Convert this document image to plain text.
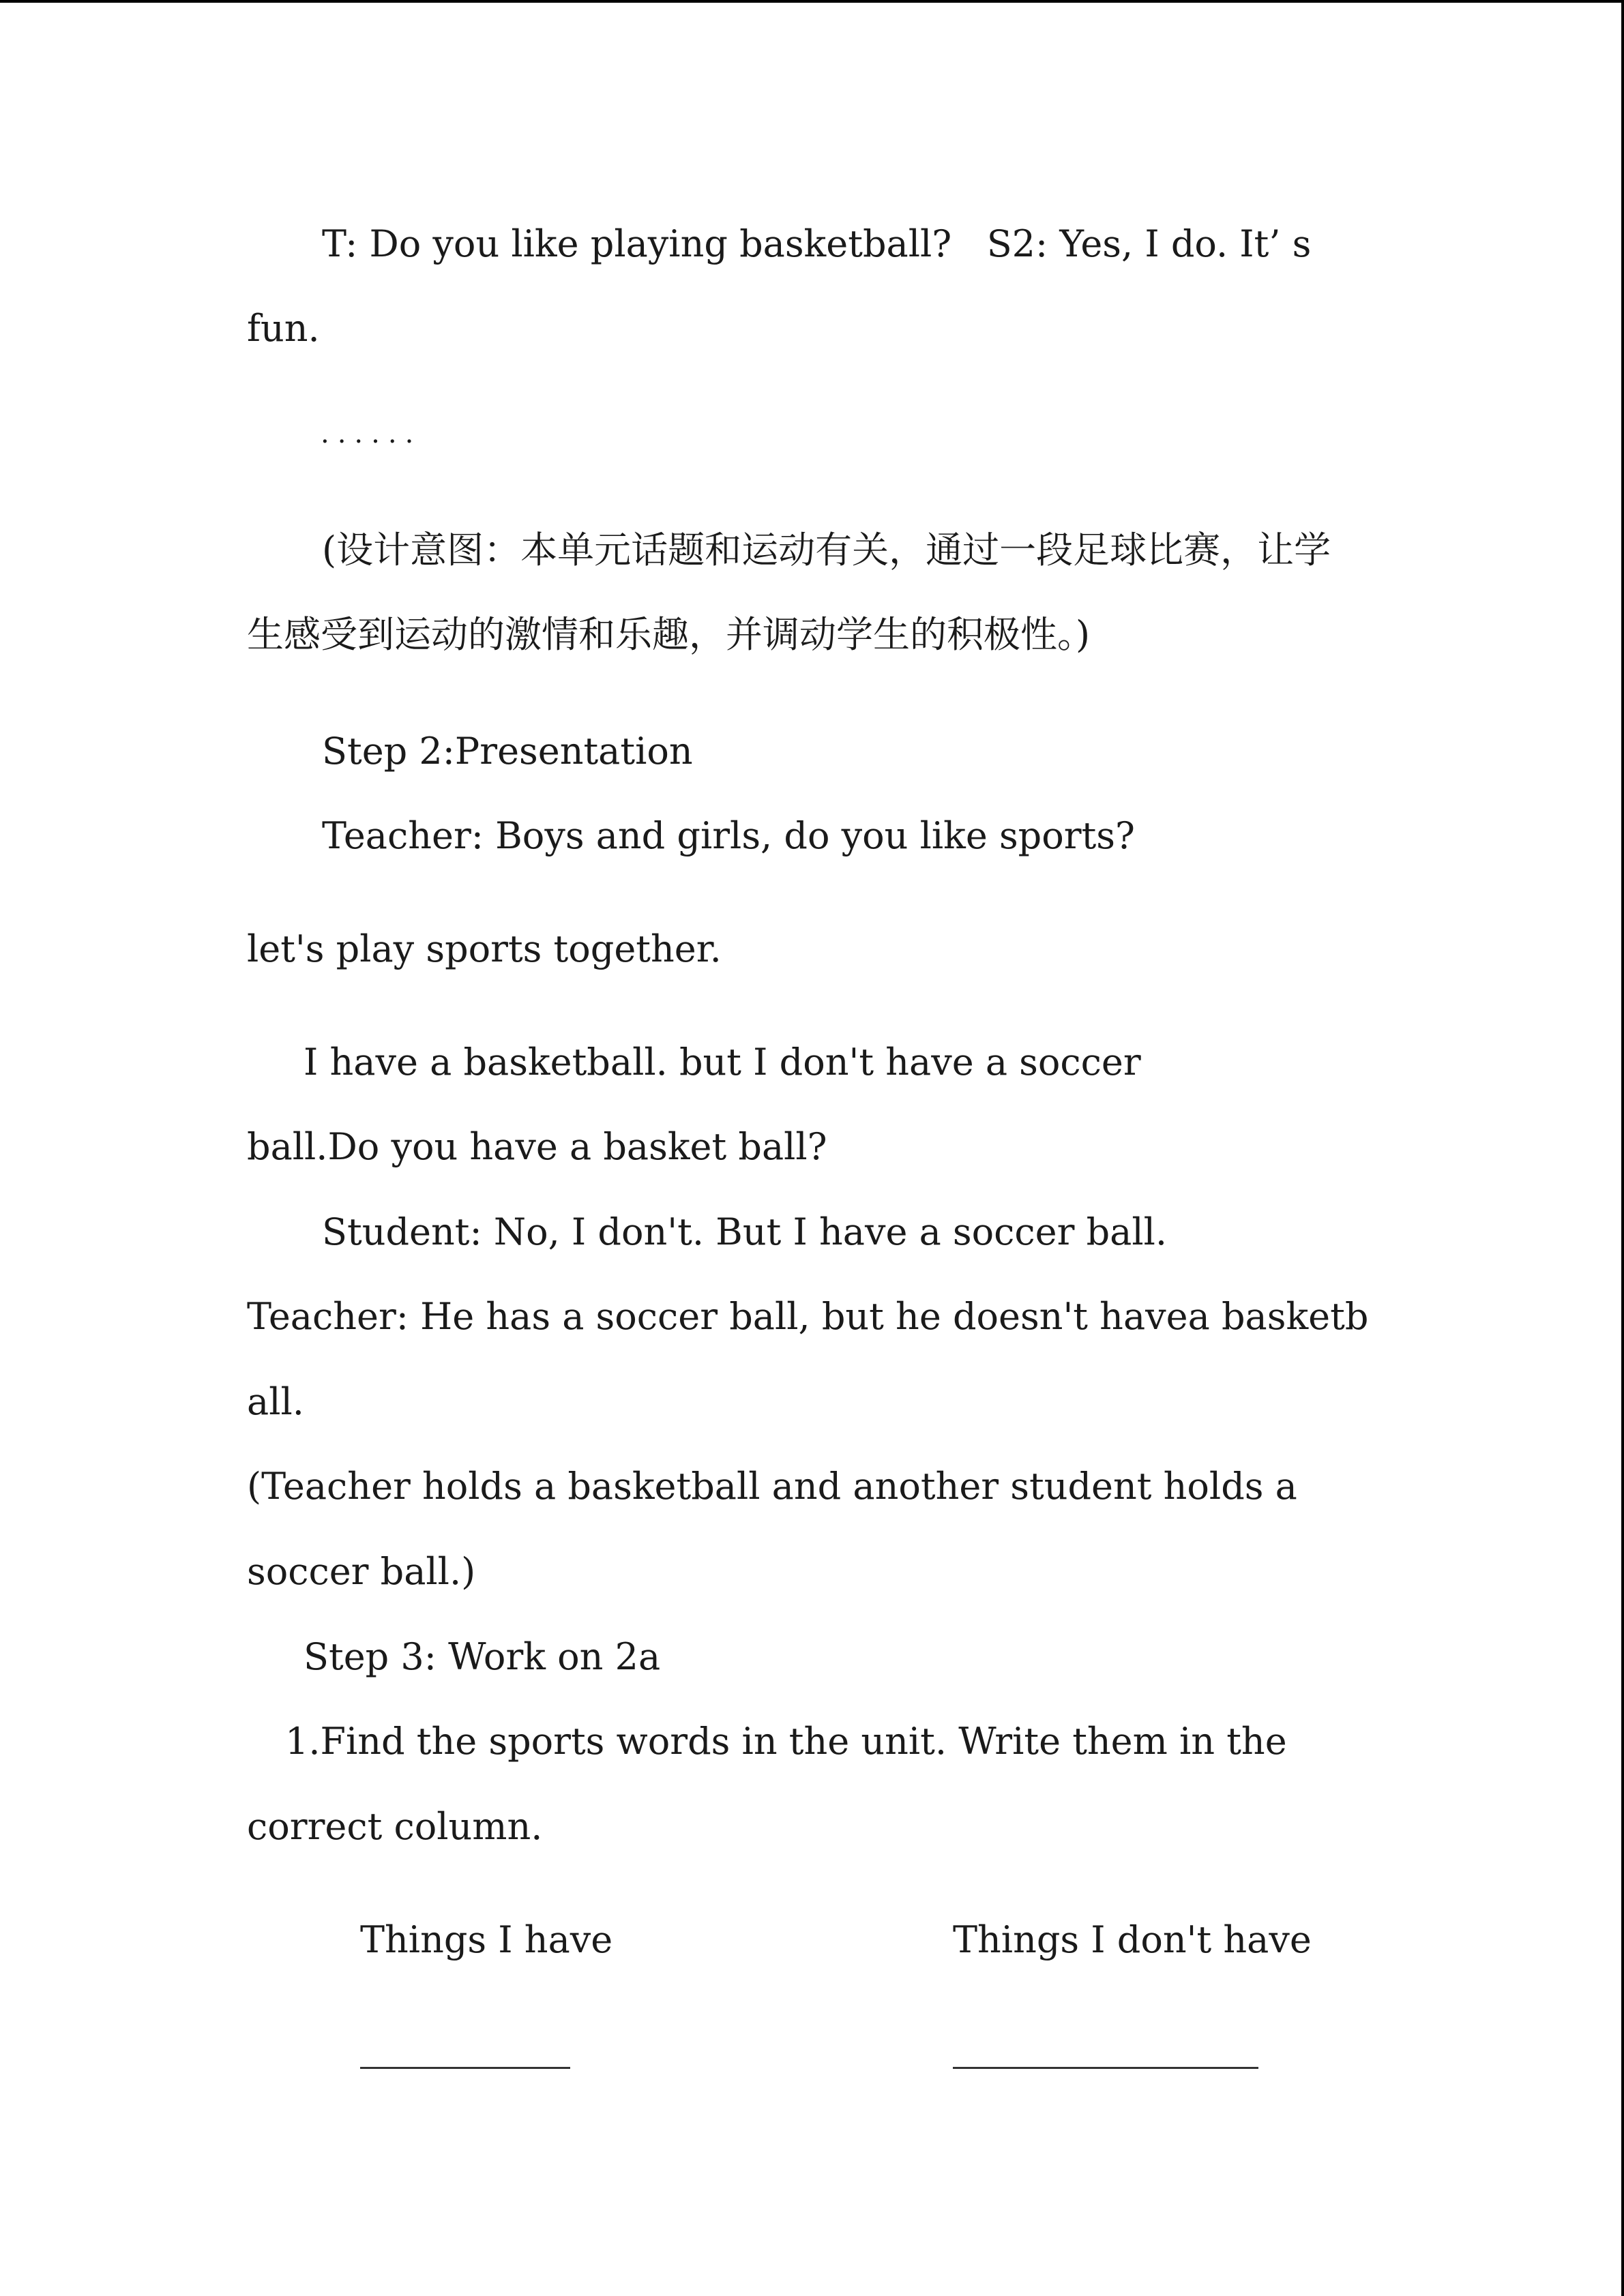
T: Do you like playing basketball?   S2: Yes, I do. It’ s
fun.
......
(设计意图：本单元话题和运动有关，通过一段足球比赛，让学
生感受到运动的激情和乐趣，并调动学生的积极性。)
Step 2:Presentation
Teacher: Boys and girls, do you like sports?
let's play sports together.
I have a basketball. but I don't have a soccer
ball.Do you have a basket ball?
Student: No, I don't. But I have a soccer ball.
Teacher: He has a soccer ball, but he doesn't havea basketb
all.
(Teacher holds a basketball and another student holds a
soccer ball.)
Step 3: Work on 2a
1.Find the sports words in the unit. Write them in the
correct column.
Things I have	Things I don't have
